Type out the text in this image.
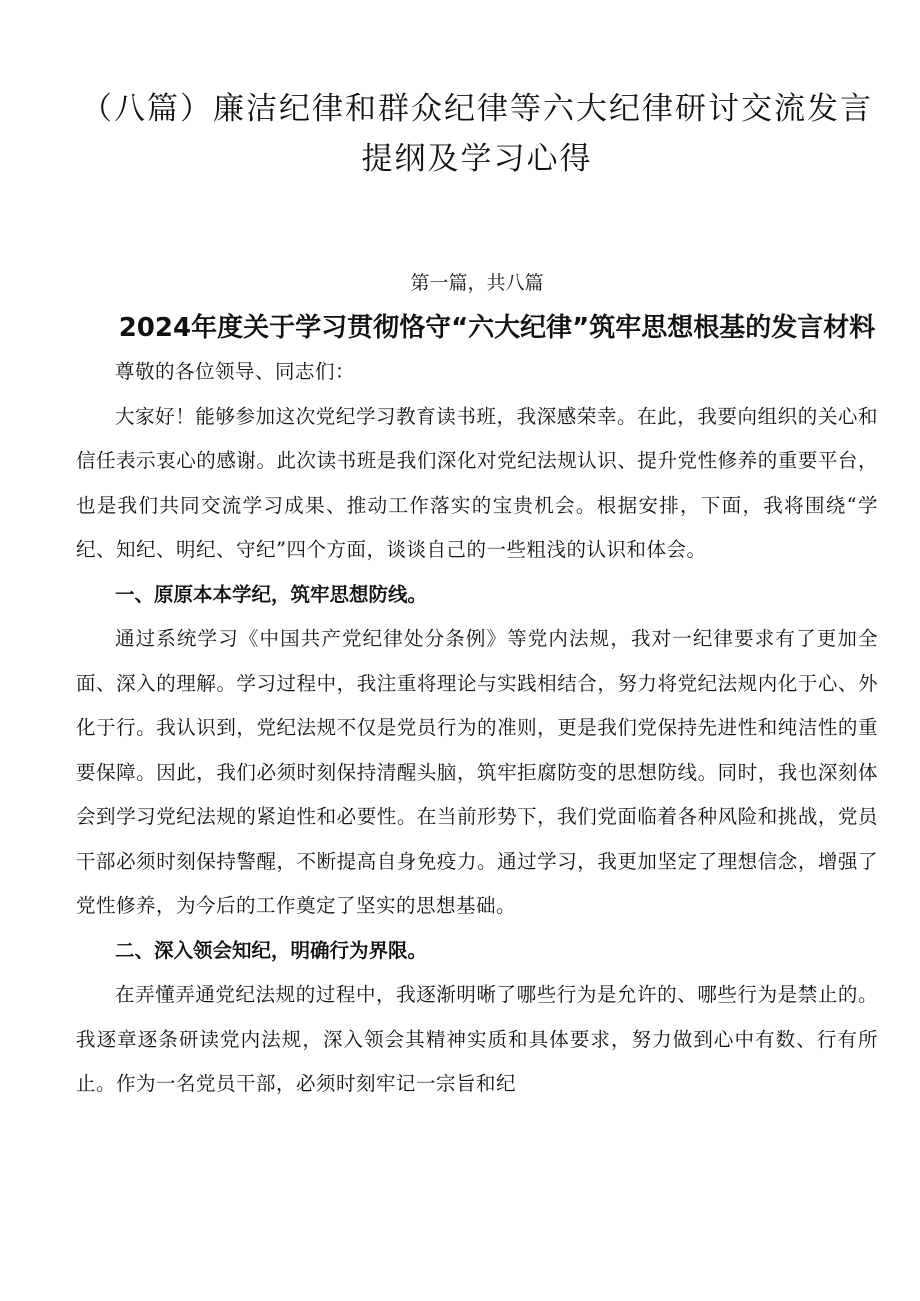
（八篇）廉洁纪律和群众纪律等六大纪律研讨交流发言提纲及学习心得
第一篇，共八篇
2024年度关于学习贯彻恪守“六大纪律”筑牢思想根基的发言材料

尊敬的各位领导、同志们：

大家好！能够参加这次党纪学习教育读书班，我深感荣幸。在此，我要向组织的关心和信任表示衷心的感谢。此次读书班是我们深化对党纪法规认识、提升党性修养的重要平台，也是我们共同交流学习成果、推动工作落实的宝贵机会。根据安排，下面，我将围绕“学纪、知纪、明纪、守纪”四个方面，谈谈自己的一些粗浅的认识和体会。

一、原原本本学纪，筑牢思想防线。

通过系统学习《中国共产党纪律处分条例》等党内法规，我对一纪律要求有了更加全面、深入的理解。学习过程中，我注重将理论与实践相结合，努力将党纪法规内化于心、外化于行。我认识到，党纪法规不仅是党员行为的准则，更是我们党保持先进性和纯洁性的重要保障。因此，我们必须时刻保持清醒头脑，筑牢拒腐防变的思想防线。同时，我也深刻体会到学习党纪法规的紧迫性和必要性。在当前形势下，我们党面临着各种风险和挑战，党员干部必须时刻保持警醒，不断提高自身免疫力。通过学习，我更加坚定了理想信念，增强了党性修养，为今后的工作奠定了坚实的思想基础。

二、深入领会知纪，明确行为界限。

在弄懂弄通党纪法规的过程中，我逐渐明晰了哪些行为是允许的、哪些行为是禁止的。我逐章逐条研读党内法规，深入领会其精神实质和具体要求，努力做到心中有数、行有所止。作为一名党员干部，必须时刻牢记一宗旨和纪
